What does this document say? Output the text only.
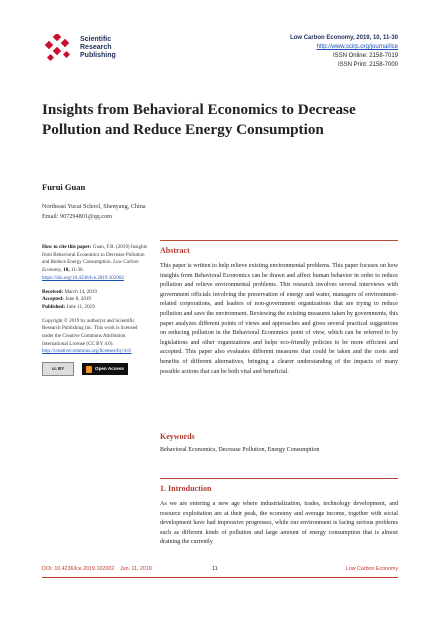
Scientific
Research
Publishing
Low Carbon Economy, 2019, 10, 11-30
http://www.scirp.org/journal/lce
ISSN Online: 2158-7019
ISSN Print: 2158-7000
Insights from Behavioral Economics to Decrease Pollution and Reduce Energy Consumption
Furui Guan
Northeast Yucai School, Shenyang, China
Email: 907294801@qq.com

How to cite this paper: Guan, F.R. (2019) Insights from Behavioral Economics to Decrease Pollution and Reduce Energy Consumption. Low Carbon Economy, 10, 11-30. https://doi.org/10.4236/lce.2019.102002

Received: March 14, 2019
Accepted: June 8, 2019
Published: June 11, 2019

Copyright © 2019 by author(s) and Scientific Research Publishing Inc. This work is licensed under the Creative Commons Attribution International License (CC BY 4.0).
http://creativecommons.org/licenses/by/4.0/

cc BY	Open Access
Abstract
This paper is written to help relieve existing environmental problems. This paper focuses on how insights from Behavioral Economics can be drawn and affect human behavior in order to reduce pollution and relieve environmental problems. This research involves several interviews with government officials involving the preservation of energy and water, managers of environment-related corporations, and leaders of non-government organizations that are trying to reduce pollution and save the environment. Reviewing the existing measures taken by governments, this paper analyzes different points of views and approaches and gives several practical suggestions on reducing pollution in the Behavioral Economics point of view, which can be referred to by legislations and other organizations and helps eco-friendly policies to be more efficient and accepted. This paper also evaluates different measures that could be taken and the costs and benefits of different alternatives, bringing a clearer understanding of the impacts of many possible actions that can be both vital and beneficial.
Keywords
Behavioral Economics, Decrease Pollution, Energy Consumption
1. Introduction
As we are entering a new age where industrialization, trades, technology development, and resource exploitation are at their peak, the economy and average income, together with social development have had impressive progresses, while our environment is facing serious problems such as different kinds of pollution and large amount of energy consumption that is almost draining the currently
DOI: 10.4236/lce.2019.102002 Jun. 11, 2019	11	Low Carbon Economy
